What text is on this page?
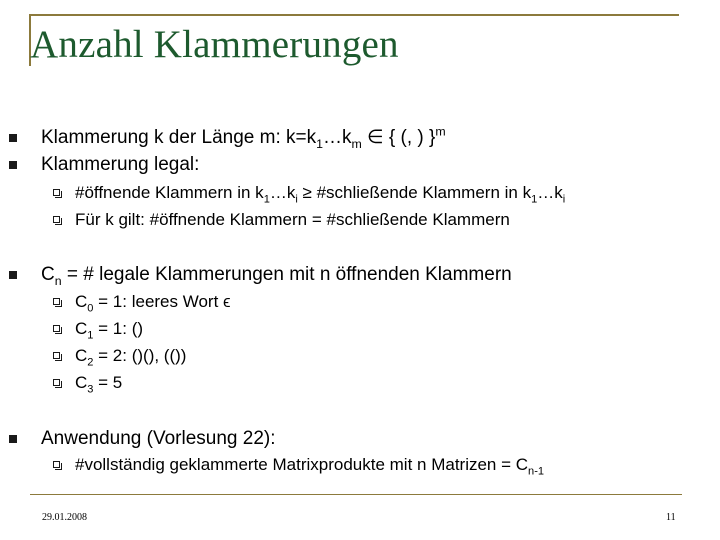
Anzahl Klammerungen
Klammerung k der Länge m: $k=k_1\dots k_m$ ∈ { (, ) }$^m$
Klammerung legal:
#öffnende Klammern in $k_1\dots k_i$ ≥ #schließende Klammern in $k_1\dots k_i$
Für k gilt: #öffnende Klammern = #schließende Klammern
$C_n$ = # legale Klammerungen mit n öffnenden Klammern
$C_0 = 1$: leeres Wort ϵ
$C_1 = 1$: ()
$C_2 = 2$: ()(), (())
$C_3 = 5$
Anwendung (Vorlesung 22):
#vollständig geklammerte Matrixprodukte mit n Matrizen = $C_{n-1}$
29.01.2008	11
